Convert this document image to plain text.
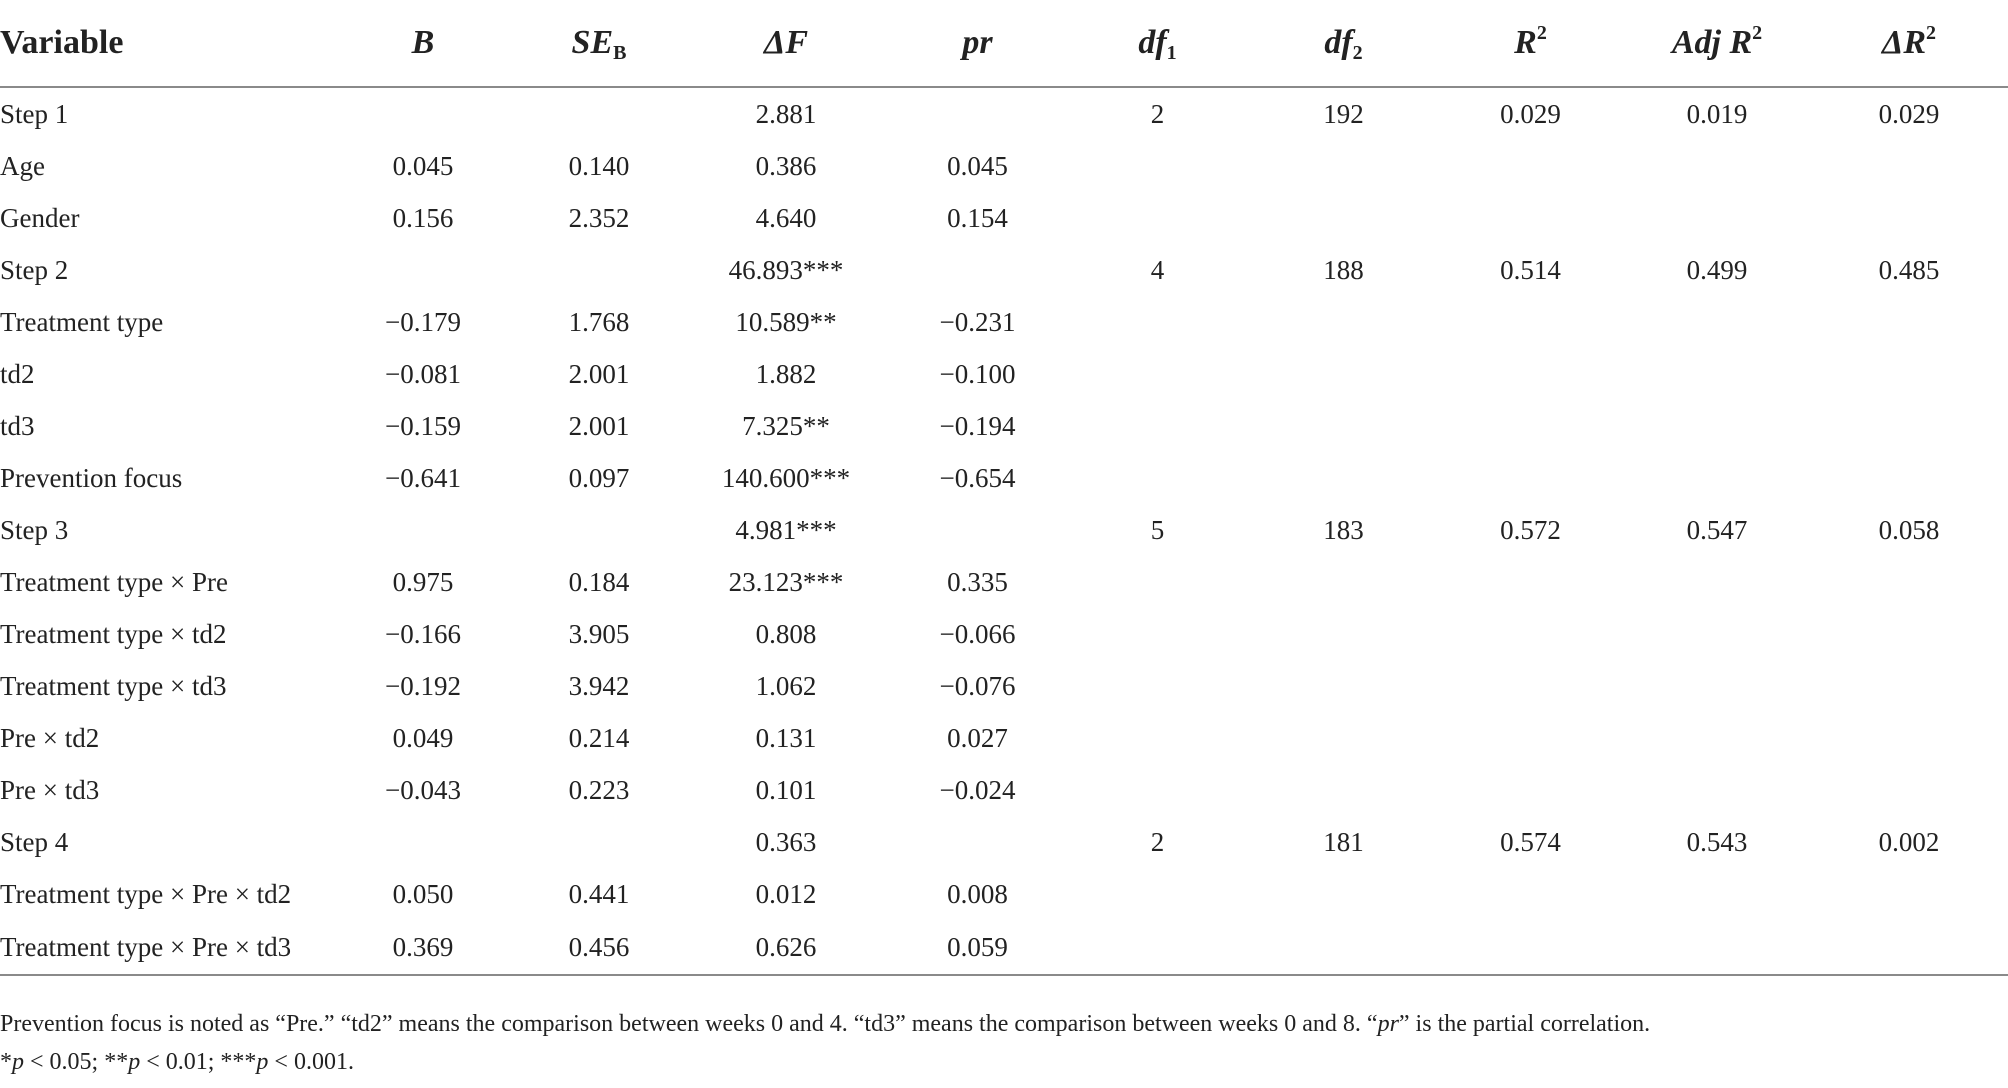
Variable	B	$SE_B$	ΔF	pr	$df_1$	$df_2$	$R^2$	Adj $R^2$	$\Delta R^2$
Step 1			2.881		2	192	0.029	0.019	0.029
Age	0.045	0.140	0.386	0.045					
Gender	0.156	2.352	4.640	0.154					
Step 2			46.893***		4	188	0.514	0.499	0.485
Treatment type	−0.179	1.768	10.589**	−0.231					
td2	−0.081	2.001	1.882	−0.100					
td3	−0.159	2.001	7.325**	−0.194					
Prevention focus	−0.641	0.097	140.600***	−0.654					
Step 3			4.981***		5	183	0.572	0.547	0.058
Treatment type × Pre	0.975	0.184	23.123***	0.335					
Treatment type × td2	−0.166	3.905	0.808	−0.066					
Treatment type × td3	−0.192	3.942	1.062	−0.076					
Pre × td2	0.049	0.214	0.131	0.027					
Pre × td3	−0.043	0.223	0.101	−0.024					
Step 4			0.363		2	181	0.574	0.543	0.002
Treatment type × Pre × td2	0.050	0.441	0.012	0.008					
Treatment type × Pre × td3	0.369	0.456	0.626	0.059					
Prevention focus is noted as “Pre.” “td2” means the comparison between weeks 0 and 4. “td3” means the comparison between weeks 0 and 8. “pr” is the partial correlation.
*p < 0.05; **p < 0.01; ***p < 0.001.
